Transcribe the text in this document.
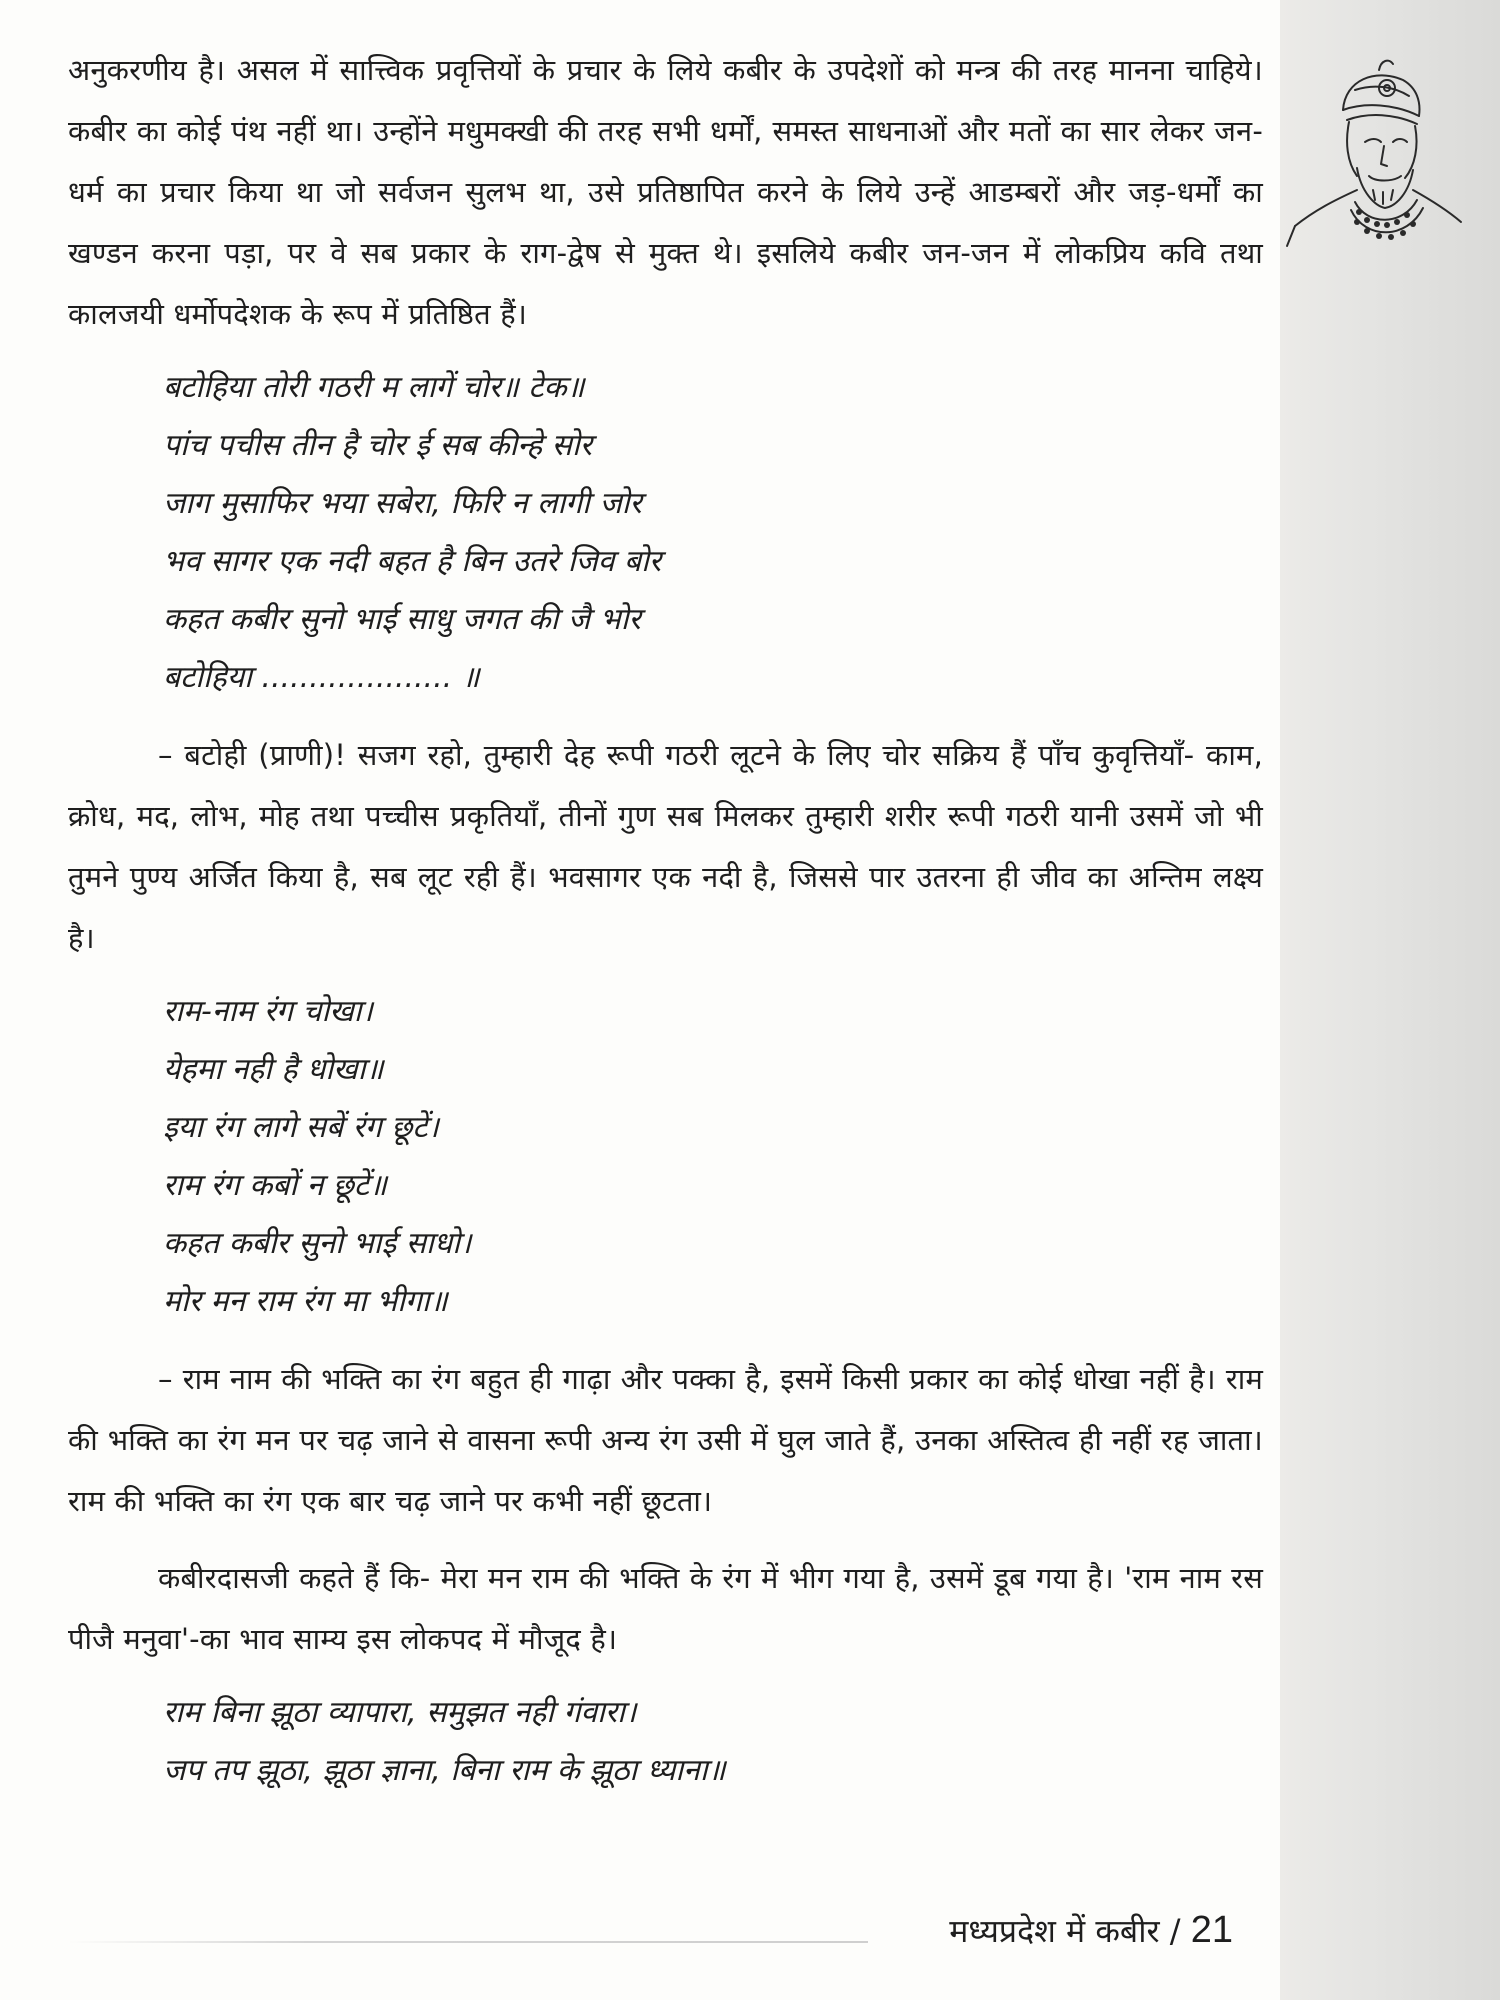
अनुकरणीय है। असल में सात्त्विक प्रवृत्तियों के प्रचार के लिये कबीर के उपदेशों को मन्त्र की तरह मानना चाहिये। कबीर का कोई पंथ नहीं था। उन्होंने मधुमक्खी की तरह सभी धर्मों, समस्त साधनाओं और मतों का सार लेकर जन-धर्म का प्रचार किया था जो सर्वजन सुलभ था, उसे प्रतिष्ठापित करने के लिये उन्हें आडम्बरों और जड़-धर्मों का खण्डन करना पड़ा, पर वे सब प्रकार के राग-द्वेष से मुक्त थे। इसलिये कबीर जन-जन में लोकप्रिय कवि तथा कालजयी धर्मोपदेशक के रूप में प्रतिष्ठित हैं।

बटोहिया तोरी गठरी म लागें चोर॥ टेक॥
पांच पचीस तीन है चोर ई सब कीन्हे सोर
जाग मुसाफिर भया सबेरा, फिरि न लागी जोर
भव सागर एक नदी बहत है बिन उतरे जिव बोर
कहत कबीर सुनो भाई साधु जगत की जै भोर
बटोहिया .................... ॥

– बटोही (प्राणी)! सजग रहो, तुम्हारी देह रूपी गठरी लूटने के लिए चोर सक्रिय हैं पाँच कुवृत्तियाँ- काम, क्रोध, मद, लोभ, मोह तथा पच्चीस प्रकृतियाँ, तीनों गुण सब मिलकर तुम्हारी शरीर रूपी गठरी यानी उसमें जो भी तुमने पुण्य अर्जित किया है, सब लूट रही हैं। भवसागर एक नदी है, जिससे पार उतरना ही जीव का अन्तिम लक्ष्य है।

राम-नाम रंग चोखा।
येहमा नही है धोखा॥
इया रंग लागे सबें रंग छूटें।
राम रंग कबों न छूटें॥
कहत कबीर सुनो भाई साधो।
मोर मन राम रंग मा भीगा॥

– राम नाम की भक्ति का रंग बहुत ही गाढ़ा और पक्का है, इसमें किसी प्रकार का कोई धोखा नहीं है। राम की भक्ति का रंग मन पर चढ़ जाने से वासना रूपी अन्य रंग उसी में घुल जाते हैं, उनका अस्तित्व ही नहीं रह जाता। राम की भक्ति का रंग एक बार चढ़ जाने पर कभी नहीं छूटता।

कबीरदासजी कहते हैं कि- मेरा मन राम की भक्ति के रंग में भीग गया है, उसमें डूब गया है। 'राम नाम रस पीजै मनुवा'-का भाव साम्य इस लोकपद में मौजूद है।

राम बिना झूठा व्यापारा, समुझत नही गंवारा।
जप तप झूठा, झूठा ज्ञाना, बिना राम के झूठा ध्याना॥
मध्यप्रदेश में कबीर / 21
